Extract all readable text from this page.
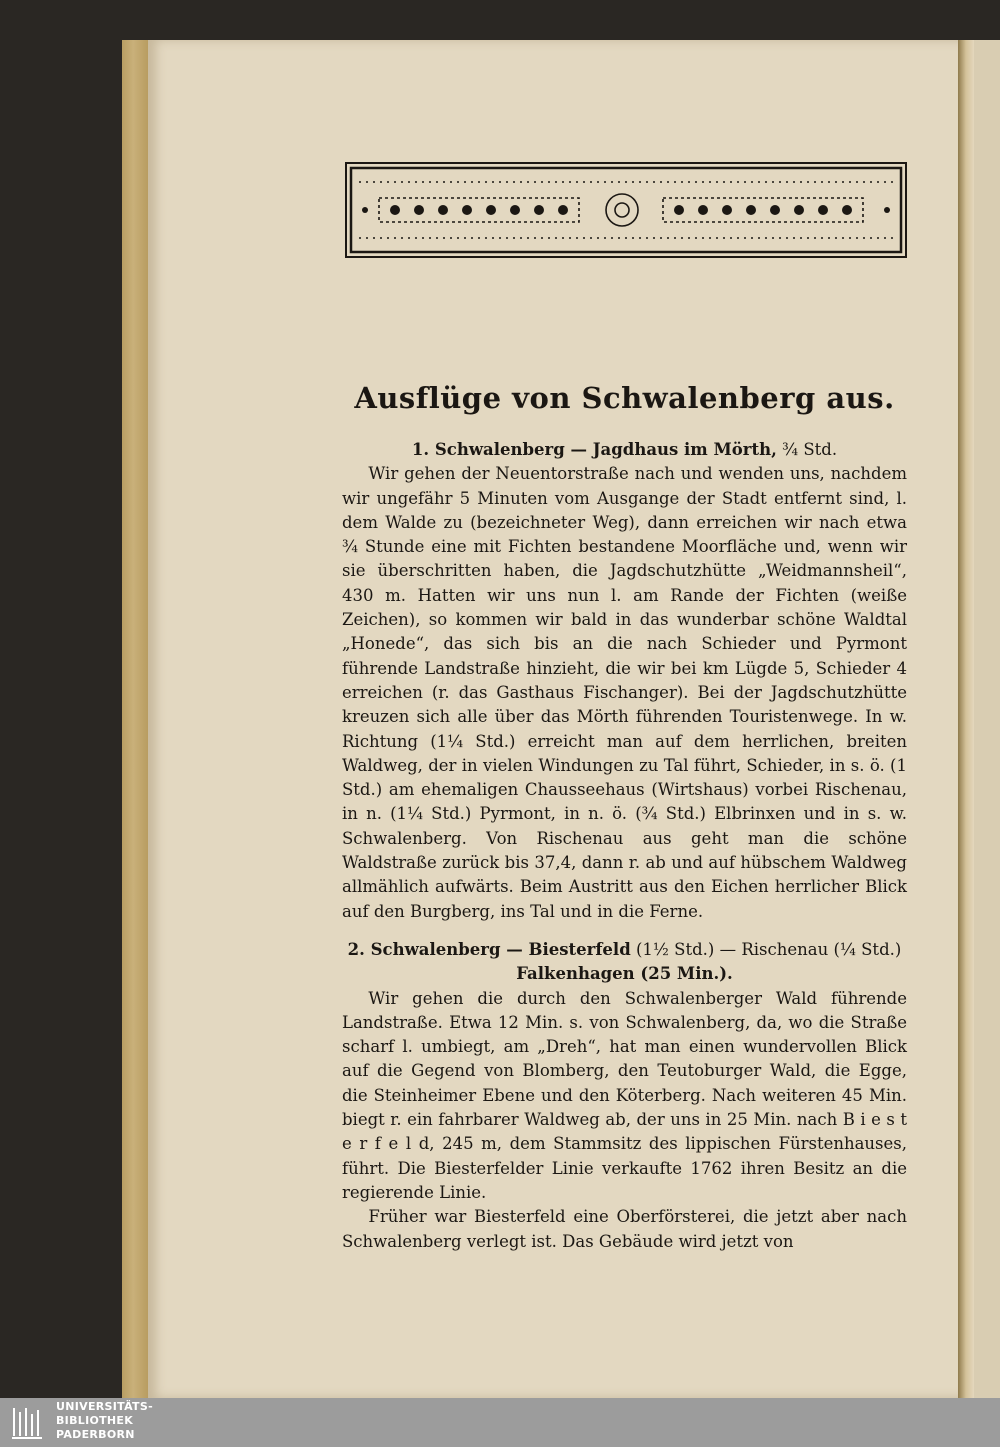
Ausflüge von Schwalenberg aus.

1. Schwalenberg — Jagdhaus im Mörth, ¾ Std.

Wir gehen der Neuentorstraße nach und wenden uns, nachdem wir ungefähr 5 Minuten vom Ausgange der Stadt entfernt sind, l. dem Walde zu (bezeichneter Weg), dann erreichen wir nach etwa ¾ Stunde eine mit Fichten bestandene Moorfläche und, wenn wir sie überschritten haben, die Jagdschutzhütte „Weidmannsheil“, 430 m. Hatten wir uns nun l. am Rande der Fichten (weiße Zeichen), so kommen wir bald in das wunderbar schöne Waldtal „Honede“, das sich bis an die nach Schieder und Pyrmont führende Landstraße hinzieht, die wir bei km Lügde 5, Schieder 4 erreichen (r. das Gasthaus Fischanger). Bei der Jagdschutzhütte kreuzen sich alle über das Mörth führenden Touristenwege. In w. Richtung (1¼ Std.) erreicht man auf dem herrlichen, breiten Waldweg, der in vielen Windungen zu Tal führt, Schieder, in s. ö. (1 Std.) am ehemaligen Chausseehaus (Wirtshaus) vorbei Rischenau, in n. (1¼ Std.) Pyrmont, in n. ö. (¾ Std.) Elbrinxen und in s. w. Schwalenberg. Von Rischenau aus geht man die schöne Waldstraße zurück bis 37,4, dann r. ab und auf hübschem Waldweg allmählich aufwärts. Beim Austritt aus den Eichen herrlicher Blick auf den Burgberg, ins Tal und in die Ferne.

2. Schwalenberg — Biesterfeld (1½ Std.) — Rischenau (¼ Std.)

Falkenhagen (25 Min.).

Wir gehen die durch den Schwalenberger Wald führende Landstraße. Etwa 12 Min. s. von Schwalenberg, da, wo die Straße scharf l. umbiegt, am „Dreh“, hat man einen wundervollen Blick auf die Gegend von Blomberg, den Teutoburger Wald, die Egge, die Steinheimer Ebene und den Köterberg. Nach weiteren 45 Min. biegt r. ein fahrbarer Waldweg ab, der uns in 25 Min. nach B i e s t e r f e l d, 245 m, dem Stammsitz des lippischen Fürstenhauses, führt. Die Biesterfelder Linie verkaufte 1762 ihren Besitz an die regierende Linie.

Früher war Biesterfeld eine Oberförsterei, die jetzt aber nach Schwalenberg verlegt ist. Das Gebäude wird jetzt von

UNIVERSITÄTS-
BIBLIOTHEK
PADERBORN
